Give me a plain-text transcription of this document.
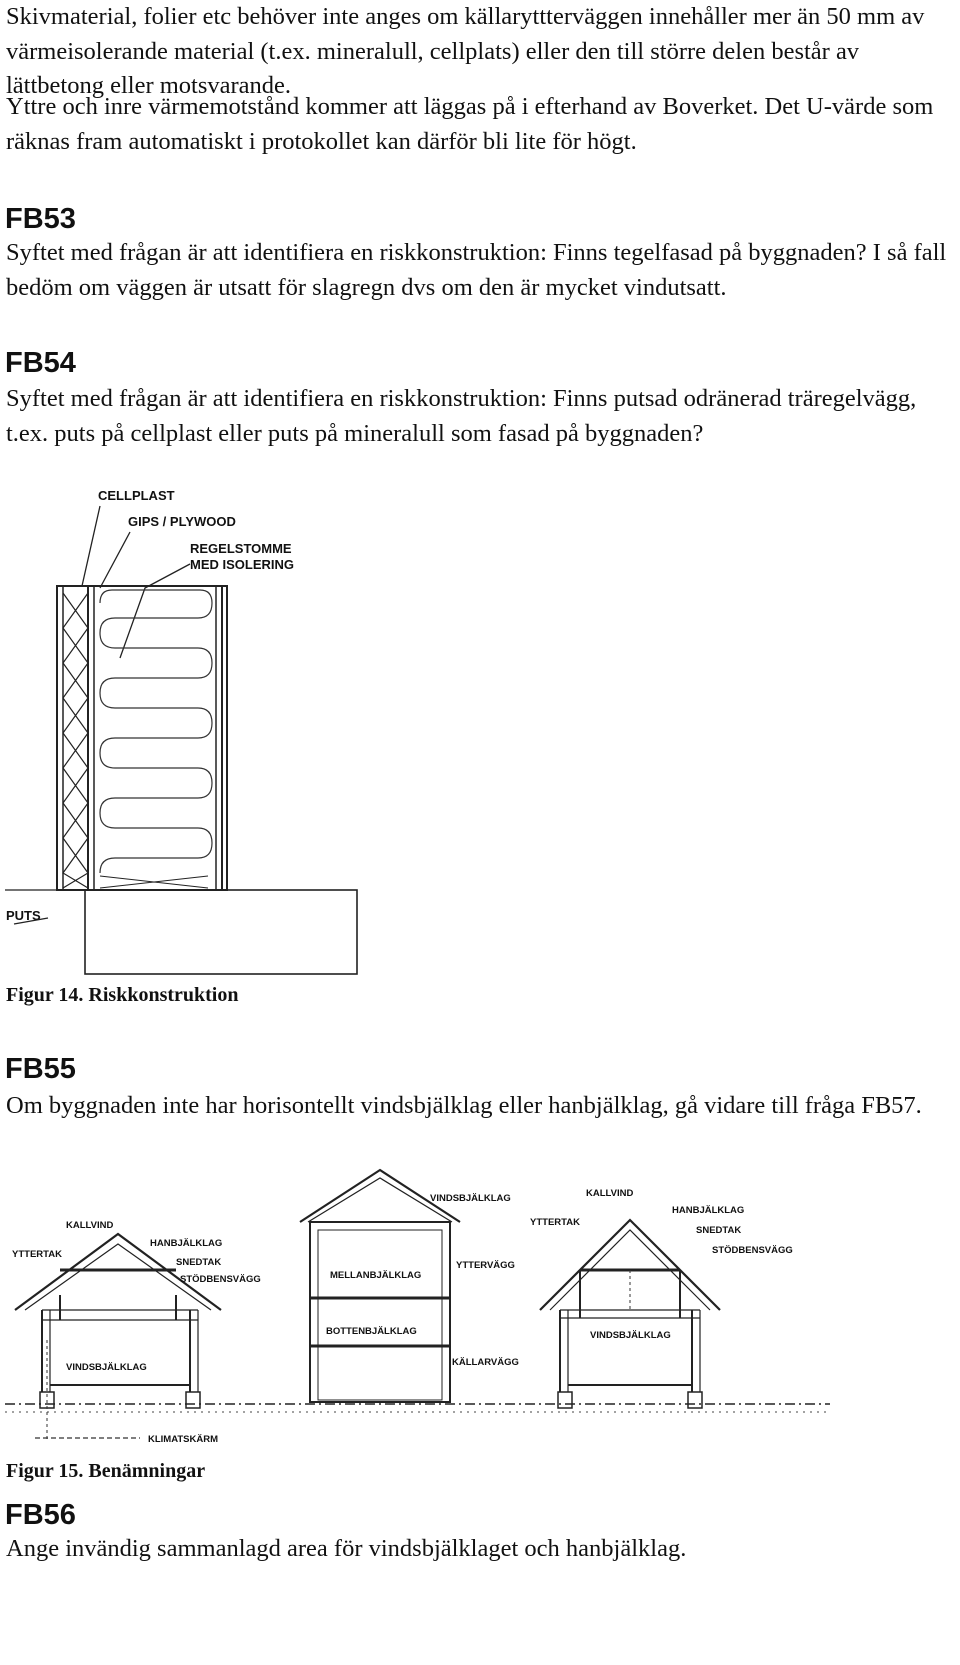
Skivmaterial, folier etc behöver inte anges om källaryttterväggen innehåller mer än 50 mm av värmeisolerande material (t.ex. mineralull, cellplats) eller den till större delen består av lättbetong eller motsvarande.

Yttre och inre värmemotstånd kommer att läggas på i efterhand av Boverket. Det U-värde som räknas fram automatiskt i protokollet kan därför bli lite för högt.

FB53

Syftet med frågan är att identifiera en riskkonstruktion: Finns tegelfasad på byggnaden? I så fall bedöm om väggen är utsatt för slagregn dvs om den är mycket vindutsatt.

FB54

Syftet med frågan är att identifiera en riskkonstruktion: Finns putsad odränerad träregelvägg, t.ex. puts på cellplast eller puts på mineralull som fasad på byggnaden?

CELLPLAST
GIPS / PLYWOOD
REGELSTOMME
MED ISOLERING
PUTS

Figur 14. Riskkonstruktion

FB55

Om byggnaden inte har horisontellt vindsbjälklag eller hanbjälklag, gå vidare till fråga FB57.

KALLVIND
YTTERTAK
HANBJÄLKLAG
SNEDTAK
STÖDBENSVÄGG
VINDSBJÄLKLAG
KLIMATSKÄRM
VINDSBJÄLKLAG
MELLANBJÄLKLAG
YTTERVÄGG
BOTTENBJÄLKLAG
KÄLLARVÄGG
KALLVIND
YTTERTAK
HANBJÄLKLAG
SNEDTAK
STÖDBENSVÄGG
VINDSBJÄLKLAG

Figur 15. Benämningar

FB56

Ange invändig sammanlagd area för vindsbjälklaget och hanbjälklag.
